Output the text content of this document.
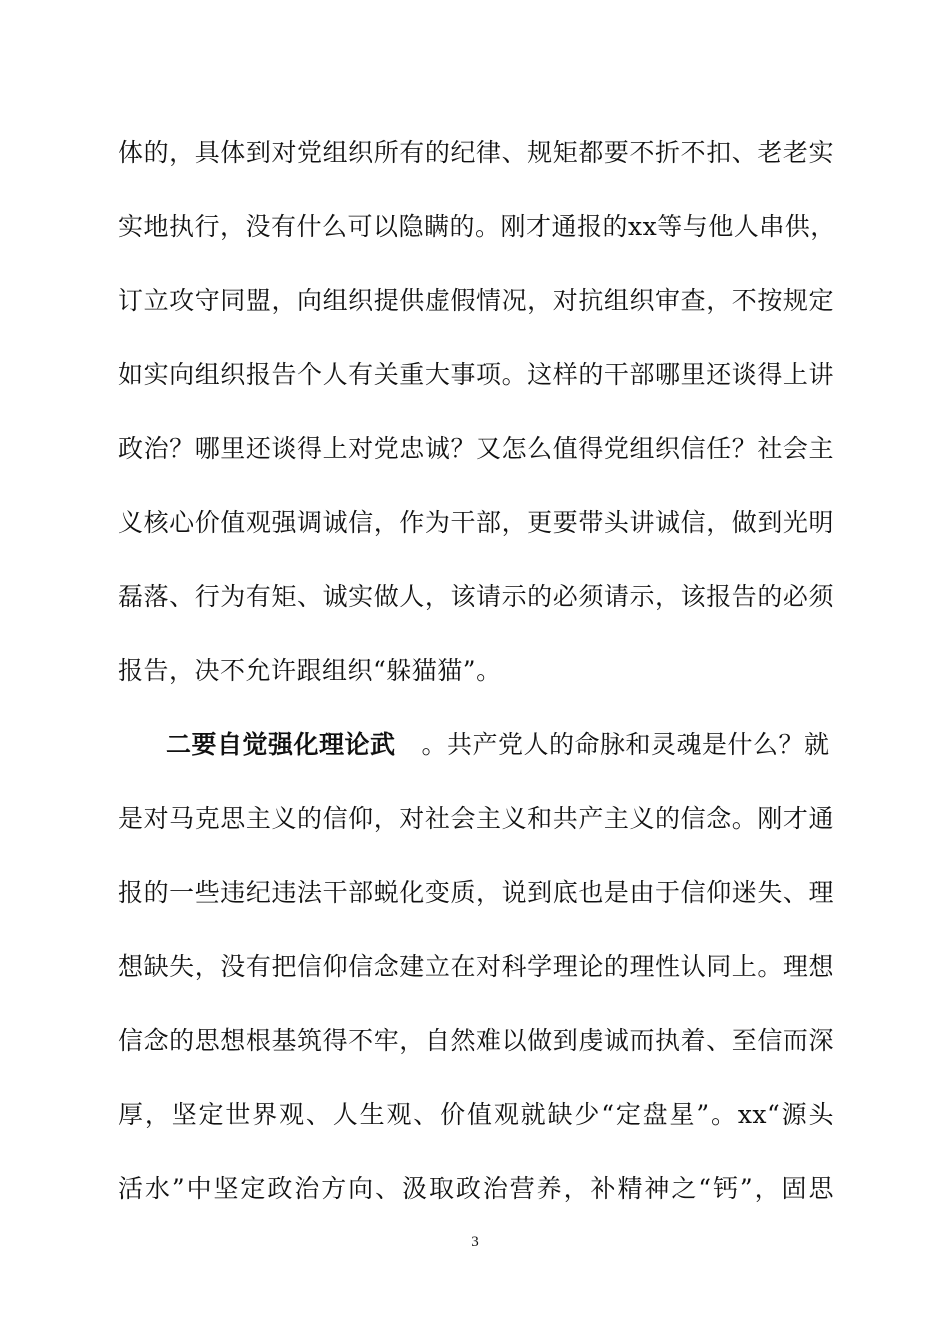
体的，具体到对党组织所有的纪律、规矩都要不折不扣、老老实
实地执行，没有什么可以隐瞒的。刚才通报的xx等与他人串供，
订立攻守同盟，向组织提供虚假情况，对抗组织审查，不按规定
如实向组织报告个人有关重大事项。这样的干部哪里还谈得上讲
政治？哪里还谈得上对党忠诚？又怎么值得党组织信任？社会主
义核心价值观强调诚信，作为干部，更要带头讲诚信，做到光明
磊落、行为有矩、诚实做人，该请示的必须请示，该报告的必须
报告，决不允许跟组织“躲猫猫”。
二要自觉强化理论武 。共产党人的命脉和灵魂是什么？就
是对马克思主义的信仰，对社会主义和共产主义的信念。刚才通
报的一些违纪违法干部蜕化变质，说到底也是由于信仰迷失、理
想缺失，没有把信仰信念建立在对科学理论的理性认同上。理想
信念的思想根基筑得不牢，自然难以做到虔诚而执着、至信而深
厚，坚定世界观、人生观、价值观就缺少“定盘星”。xx“源头
活水”中坚定政治方向、汲取政治营养，补精神之“钙”，固思
3
